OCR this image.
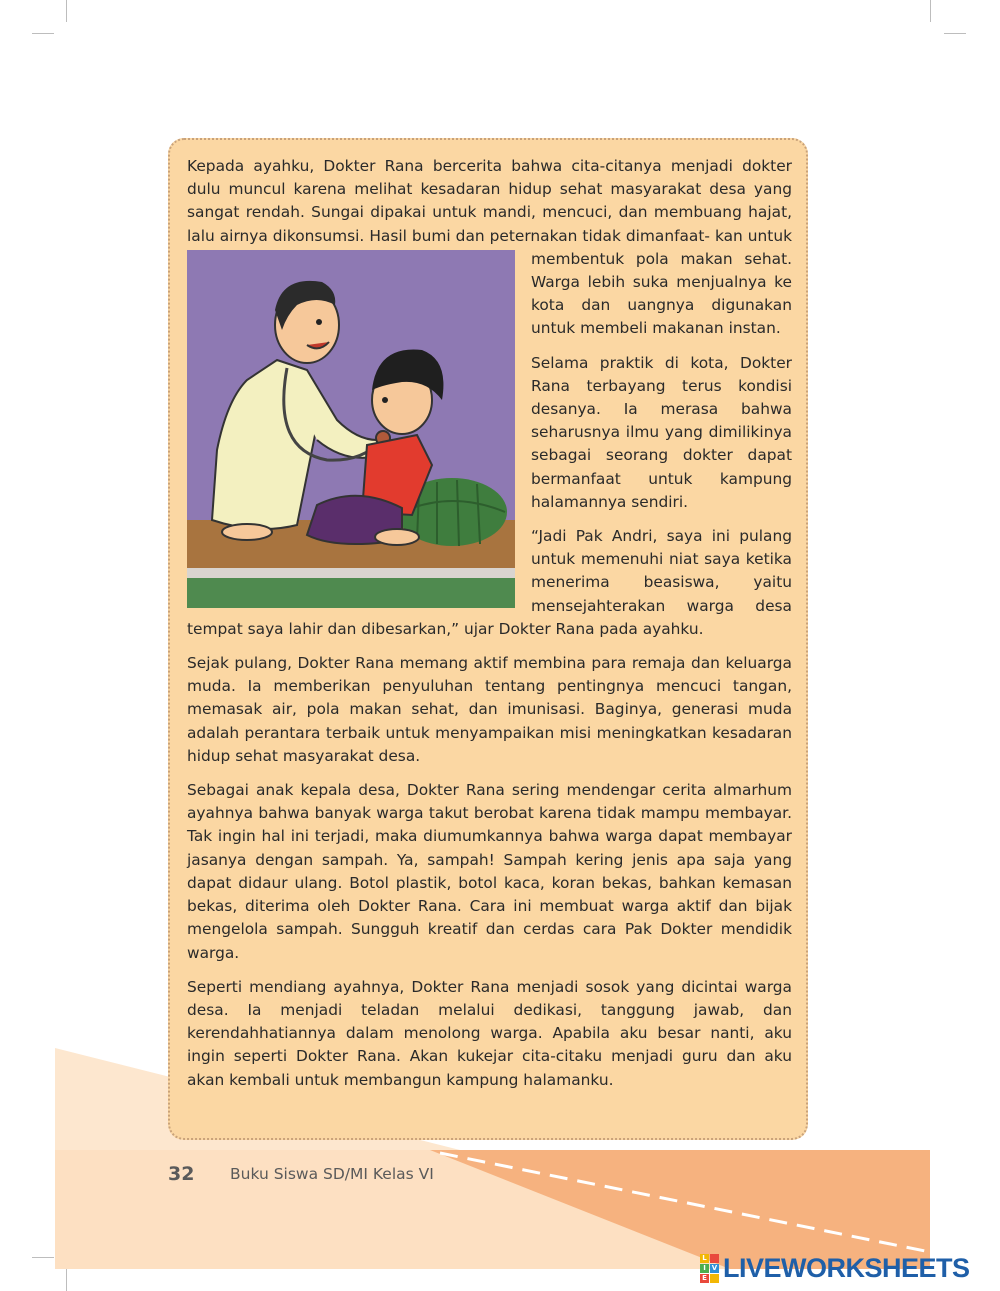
Kepada ayahku, Dokter Rana bercerita bahwa cita-citanya menjadi dokter dulu muncul karena melihat kesadaran hidup sehat masyarakat desa yang sangat rendah. Sungai dipakai untuk mandi, mencuci, dan membuang hajat, lalu airnya dikonsumsi. Hasil bumi dan peternakan tidak dimanfaat- kan untuk membentuk pola makan sehat. Warga lebih suka menjualnya ke kota dan uangnya digunakan untuk membeli makanan instan.

Selama praktik di kota, Dokter Rana terbayang terus kondisi desanya. Ia merasa bahwa seharusnya ilmu yang dimilikinya sebagai seorang dokter dapat bermanfaat untuk kampung halamannya sendiri.

“Jadi Pak Andri, saya ini pulang untuk memenuhi niat saya ketika menerima beasiswa, yaitu mensejahterakan warga desa tempat saya lahir dan dibesarkan,” ujar Dokter Rana pada ayahku.

Sejak pulang, Dokter Rana memang aktif membina para remaja dan keluarga muda. Ia memberikan penyuluhan tentang pentingnya mencuci tangan, memasak air, pola makan sehat, dan imunisasi. Baginya, generasi muda adalah perantara terbaik untuk menyampaikan misi meningkatkan kesadaran hidup sehat masyarakat desa.

Sebagai anak kepala desa, Dokter Rana sering mendengar cerita almarhum ayahnya bahwa banyak warga takut berobat karena tidak mampu membayar. Tak ingin hal ini terjadi, maka diumumkannya bahwa warga dapat membayar jasanya dengan sampah. Ya, sampah! Sampah kering jenis apa saja yang dapat didaur ulang. Botol plastik, botol kaca, koran bekas, bahkan kemasan bekas, diterima oleh Dokter Rana. Cara ini membuat warga aktif dan bijak mengelola sampah. Sungguh kreatif dan cerdas cara Pak Dokter mendidik warga.

Seperti mendiang ayahnya, Dokter Rana menjadi sosok yang dicintai warga desa. Ia menjadi teladan melalui dedikasi, tanggung jawab, dan kerendahhatiannya dalam menolong warga. Apabila aku besar nanti, aku ingin seperti Dokter Rana. Akan kukejar cita-citaku menjadi guru dan aku akan kembali untuk membangun kampung halamanku.

32 Buku Siswa SD/MI Kelas VI
L
I V
E LIVEWORKSHEETS
